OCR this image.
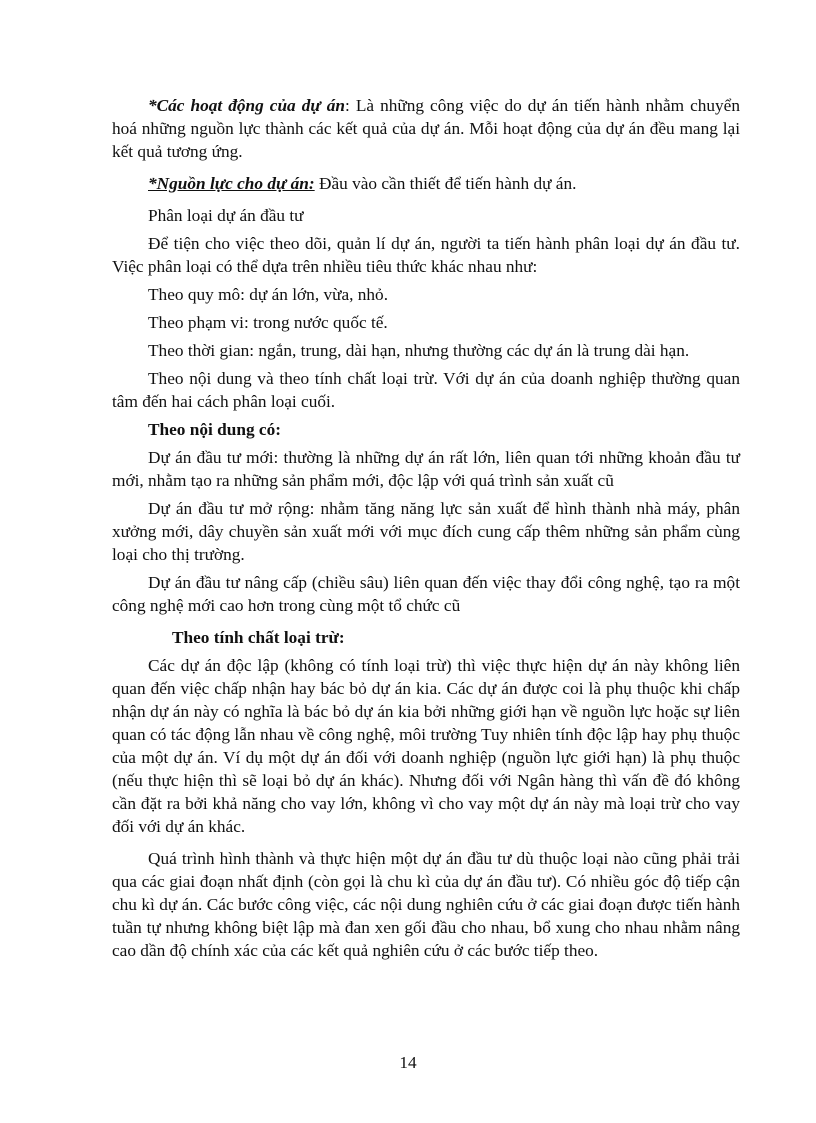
*Các hoạt động của dự án: Là những công việc do dự án tiến hành nhằm chuyển hoá những nguồn lực thành các kết quả của dự án. Mỗi hoạt động của dự án đều mang lại kết quả tương ứng.

*Nguồn lực cho dự án: Đầu vào cần thiết để tiến hành dự án.

Phân loại dự án đầu tư

Để tiện cho việc theo dõi, quản lí dự án, người ta tiến hành phân loại dự án đầu tư. Việc phân loại có thể dựa trên nhiều tiêu thức khác nhau như:

Theo quy mô: dự án lớn, vừa, nhỏ.

Theo phạm vi: trong nước quốc tế.

Theo thời gian: ngắn, trung, dài hạn, nhưng thường các dự án là trung dài hạn.

Theo nội dung và theo tính chất loại trừ. Với dự án của doanh nghiệp thường quan tâm đến hai cách phân loại cuối.

Theo nội dung có:

Dự án đầu tư mới: thường là những dự án rất lớn, liên quan tới những khoản đầu tư mới, nhằm tạo ra những sản phẩm mới, độc lập với quá trình sản xuất cũ

Dự án đầu tư mở rộng: nhằm tăng năng lực sản xuất để hình thành nhà máy, phân xưởng mới, dây chuyền sản xuất mới với mục đích cung cấp thêm những sản phẩm cùng loại cho thị trường.

Dự án đầu tư nâng cấp (chiều sâu) liên quan đến việc thay đổi công nghệ, tạo ra một công nghệ mới cao hơn trong cùng một tổ chức cũ

Theo tính chất loại trừ:

Các dự án độc lập (không có tính loại trừ) thì việc thực hiện dự án này không liên quan đến việc chấp nhận hay bác bỏ dự án kia. Các dự án được coi là phụ thuộc khi chấp nhận dự án này có nghĩa là bác bỏ dự án kia bởi những giới hạn về nguồn lực hoặc sự liên quan có tác động lẫn nhau về công nghệ, môi trường Tuy nhiên tính độc lập hay phụ thuộc của một dự án. Ví dụ một dự án đối với doanh nghiệp (nguồn lực giới hạn) là phụ thuộc (nếu thực hiện thì sẽ loại bỏ dự án khác). Nhưng đối với Ngân hàng thì vấn đề đó không cần đặt ra bởi khả năng cho vay lớn, không vì cho vay một dự án này mà loại trừ cho vay đối với dự án khác.

Quá trình hình thành và thực hiện một dự án đầu tư dù thuộc loại nào cũng phải trải qua các giai đoạn nhất định (còn gọi là chu kì của dự án đầu tư). Có nhiều góc độ tiếp cận chu kì dự án. Các bước công việc, các nội dung nghiên cứu ở các giai đoạn được tiến hành tuần tự nhưng không biệt lập mà đan xen gối đầu cho nhau, bổ xung cho nhau nhằm nâng cao dần độ chính xác của các kết quả nghiên cứu ở các bước tiếp theo.

14
